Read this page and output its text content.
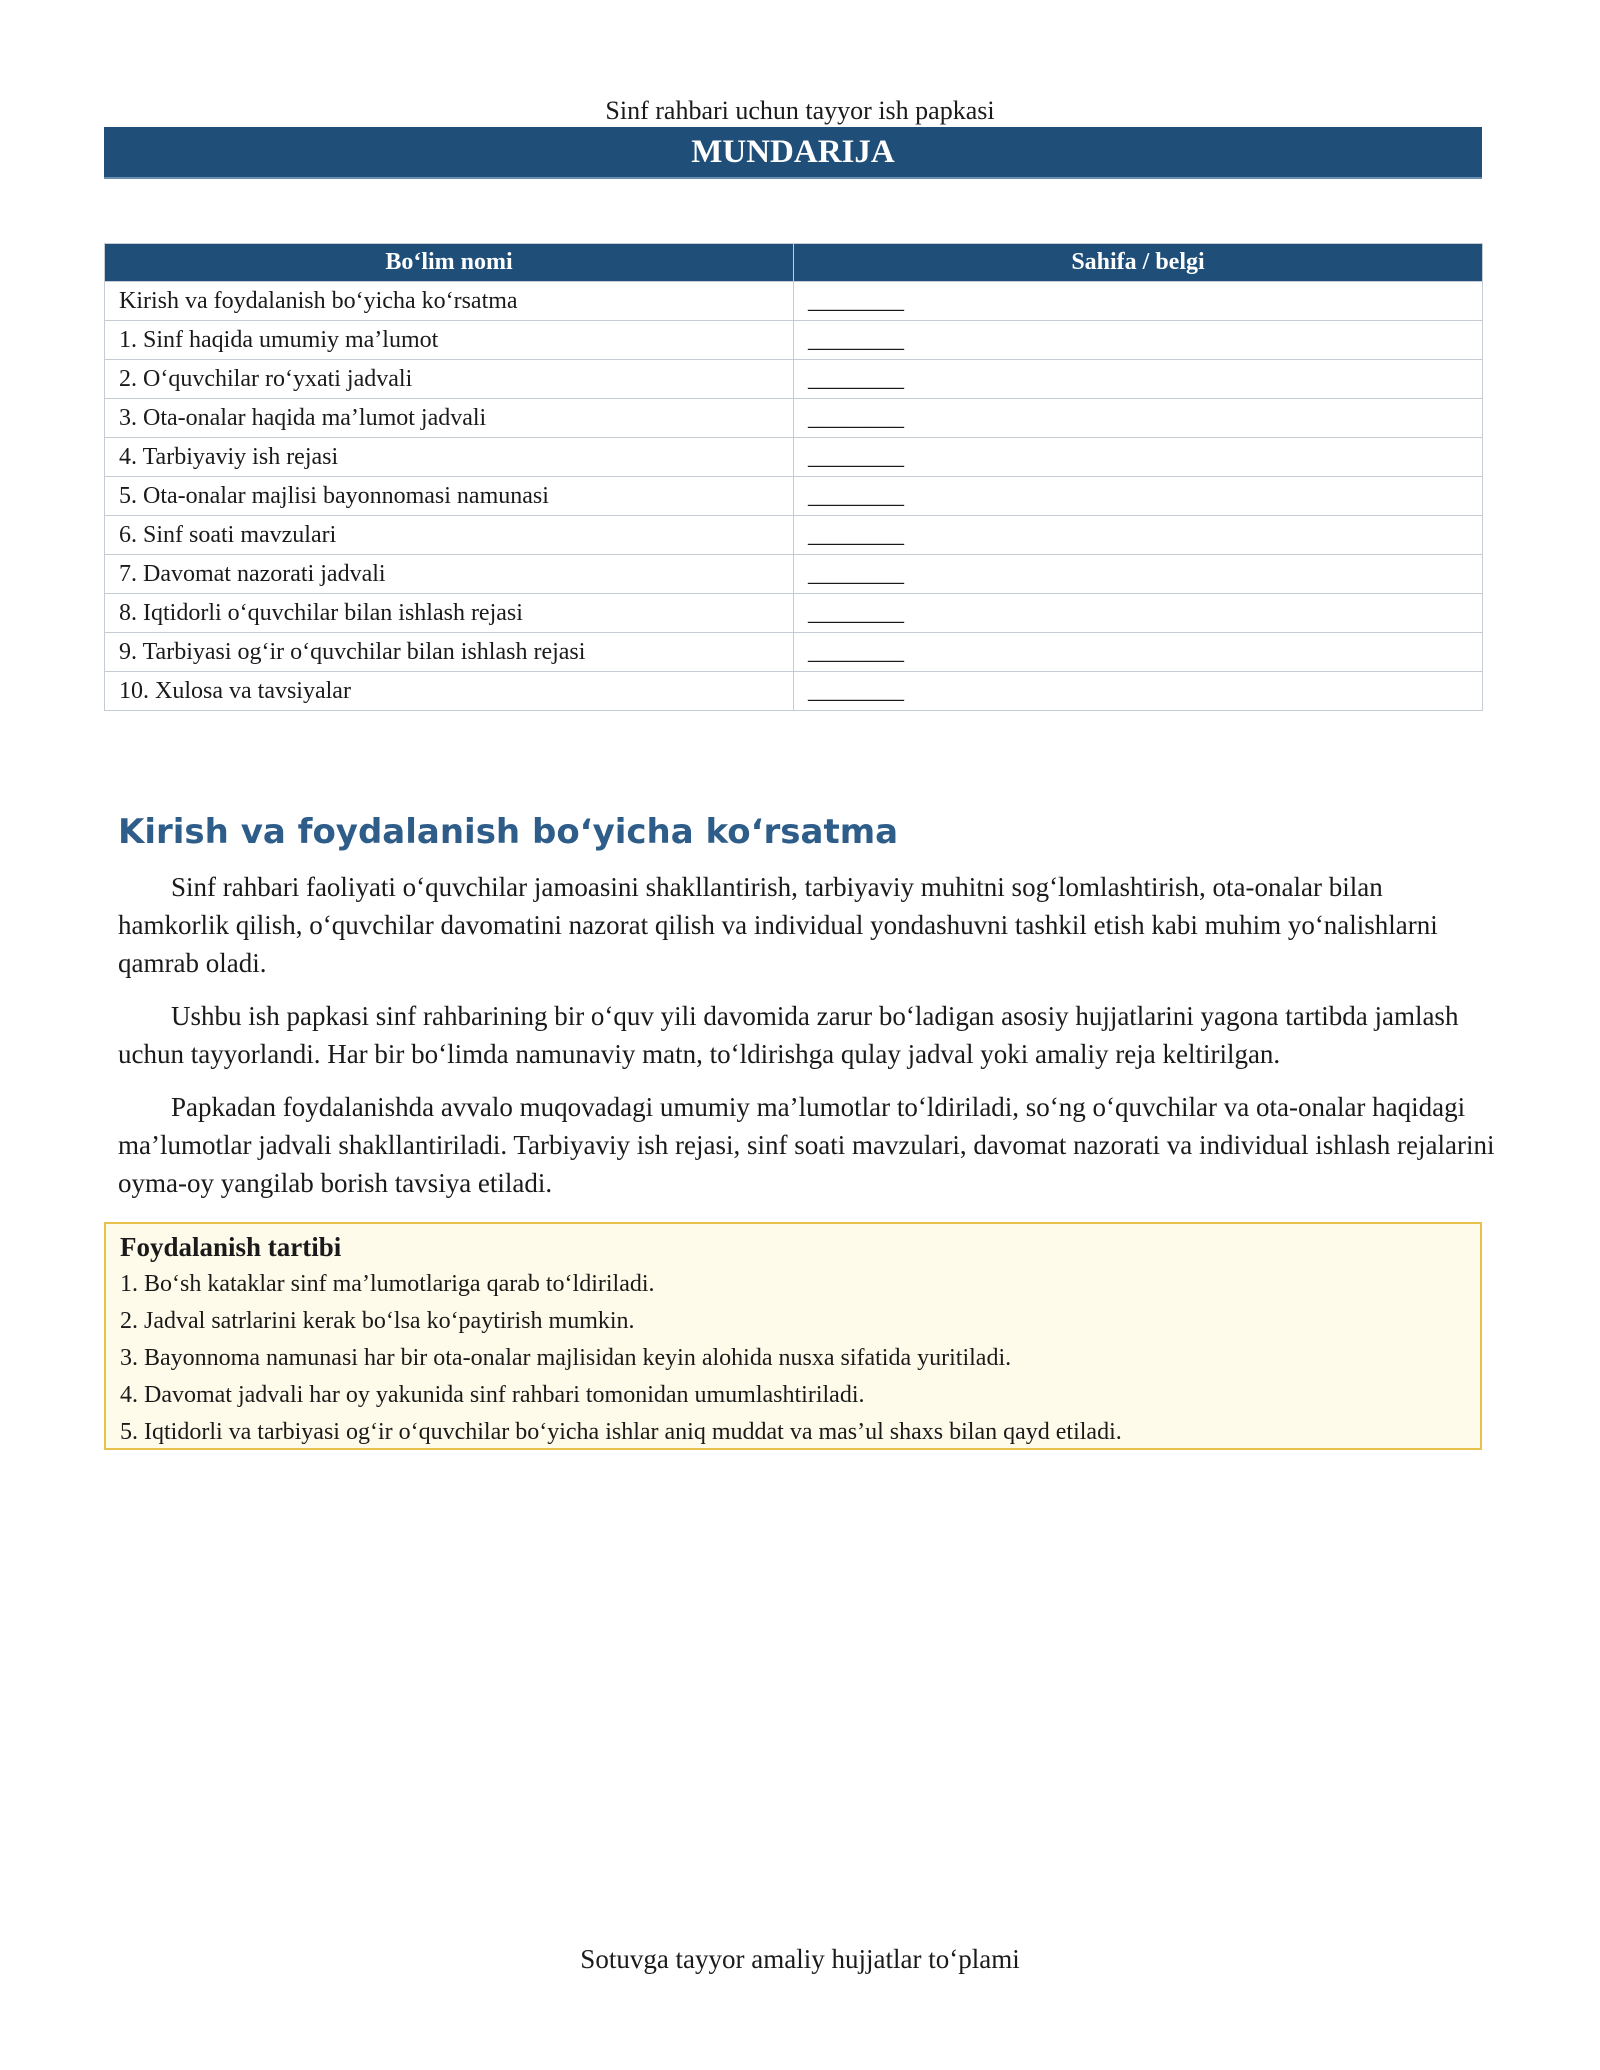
Sinf rahbari uchun tayyor ish papkasi
MUNDARIJA
Bo‘lim nomi	Sahifa / belgi
Kirish va foydalanish bo‘yicha ko‘rsatma	________
1. Sinf haqida umumiy ma’lumot	________
2. O‘quvchilar ro‘yxati jadvali	________
3. Ota-onalar haqida ma’lumot jadvali	________
4. Tarbiyaviy ish rejasi	________
5. Ota-onalar majlisi bayonnomasi namunasi	________
6. Sinf soati mavzulari	________
7. Davomat nazorati jadvali	________
8. Iqtidorli o‘quvchilar bilan ishlash rejasi	________
9. Tarbiyasi og‘ir o‘quvchilar bilan ishlash rejasi	________
10. Xulosa va tavsiyalar	________
Kirish va foydalanish bo‘yicha ko‘rsatma

Sinf rahbari faoliyati o‘quvchilar jamoasini shakllantirish, tarbiyaviy muhitni sog‘lomlashtirish, ota-onalar bilan hamkorlik qilish, o‘quvchilar davomatini nazorat qilish va individual yondashuvni tashkil etish kabi muhim yo‘nalishlarni qamrab oladi.

Ushbu ish papkasi sinf rahbarining bir o‘quv yili davomida zarur bo‘ladigan asosiy hujjatlarini yagona tartibda jamlash uchun tayyorlandi. Har bir bo‘limda namunaviy matn, to‘ldirishga qulay jadval yoki amaliy reja keltirilgan.

Papkadan foydalanishda avvalo muqovadagi umumiy ma’lumotlar to‘ldiriladi, so‘ng o‘quvchilar va ota-onalar haqidagi ma’lumotlar jadvali shakllantiriladi. Tarbiyaviy ish rejasi, sinf soati mavzulari, davomat nazorati va individual ishlash rejalarini oyma-oy yangilab borish tavsiya etiladi.

Foydalanish tartibi
1. Bo‘sh kataklar sinf ma’lumotlariga qarab to‘ldiriladi.
2. Jadval satrlarini kerak bo‘lsa ko‘paytirish mumkin.
3. Bayonnoma namunasi har bir ota-onalar majlisidan keyin alohida nusxa sifatida yuritiladi.
4. Davomat jadvali har oy yakunida sinf rahbari tomonidan umumlashtiriladi.
5. Iqtidorli va tarbiyasi og‘ir o‘quvchilar bo‘yicha ishlar aniq muddat va mas’ul shaxs bilan qayd etiladi.
Sotuvga tayyor amaliy hujjatlar to‘plami
